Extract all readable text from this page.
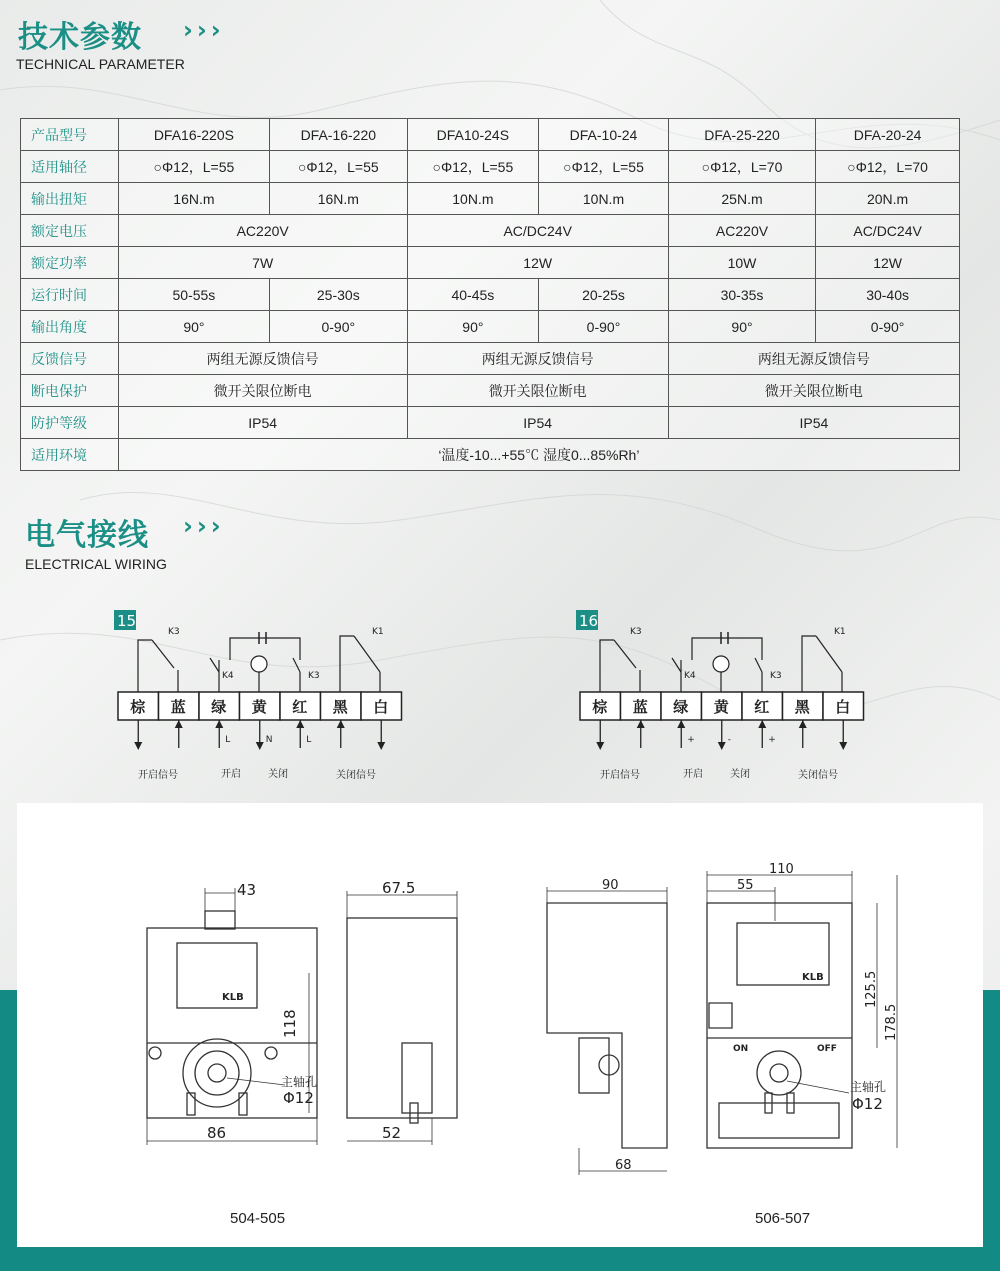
技术参数 ›››
TECHNICAL PARAMETER
产品型号	DFA16-220S	DFA-16-220	DFA10-24S	DFA-10-24	DFA-25-220	DFA-20-24
适用轴径	○Φ12，L=55	○Φ12，L=55	○Φ12，L=55	○Φ12，L=55	○Φ12，L=70	○Φ12，L=70
输出扭矩	16N.m	16N.m	10N.m	10N.m	25N.m	20N.m
额定电压	AC220V		AC/DC24V		AC220V	AC/DC24V
额定功率	7W		12W		10W	12W
运行时间	50-55s	25-30s	40-45s	20-25s	30-35s	30-40s
输出角度	90°	0-90°	90°	0-90°	90°	0-90°
反馈信号	两组无源反馈信号		两组无源反馈信号		两组无源反馈信号	
断电保护	微开关限位断电		微开关限位断电		微开关限位断电	
防护等级	IP54		IP54		IP54	
适用环境	‘温度-10...+55℃ 湿度0...85%Rh’					
电气接线 ›››
ELECTRICAL WIRING
15
棕 蓝 绿 黄 红 黑 白
K3
K4	K3
K1
L	N	L
开启信号	开启	关闭	关闭信号
16
棕 蓝 绿 黄 红 黑 白
K3
K4	K3
K1
+	-	+
开启信号	开启	关闭	关闭信号
43	67.5
86	52
118
主轴孔
Φ12
KLB
504-505
90
110
55
68
125.5
178.5
ON	OFF
主轴孔
Φ12
KLB
506-507
